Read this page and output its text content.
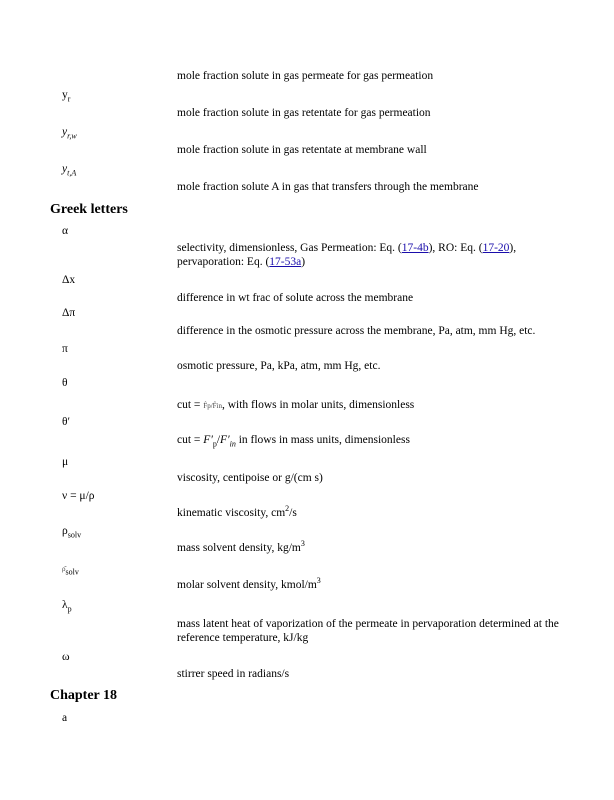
mole fraction solute in gas permeate for gas permeation
$y_r$
mole fraction solute in gas retentate for gas permeation
$y_{r,w}$
mole fraction solute in gas retentate at membrane wall
$y_{t,A}$
mole fraction solute A in gas that transfers through the membrane
Greek letters
α
selectivity, dimensionless, Gas Permeation: Eq. (17-4b), RO: Eq. (17-20),
pervaporation: Eq. (17-53a)
Δx
difference in wt frac of solute across the membrane
Δπ
difference in the osmotic pressure across the membrane, Pa, atm, mm Hg, etc.
π
osmotic pressure, Pa, kPa, atm, mm Hg, etc.
θ
cut = F̂p/F̂in, with flows in molar units, dimensionless
θ′
cut = $F'_p/F'_{in}$ in flows in mass units, dimensionless
μ
viscosity, centipoise or g/(cm s)
ν = μ/ρ
kinematic viscosity, $cm^2/s$
$\rho_{solv}$
mass solvent density, $kg/m^3$
$\rhô_{solv}$
molar solvent density, kmol/$m^3$
$\lambda_p$
mass latent heat of vaporization of the permeate in pervaporation determined at the reference temperature, kJ/kg
ω
stirrer speed in radians/s
Chapter 18
a
